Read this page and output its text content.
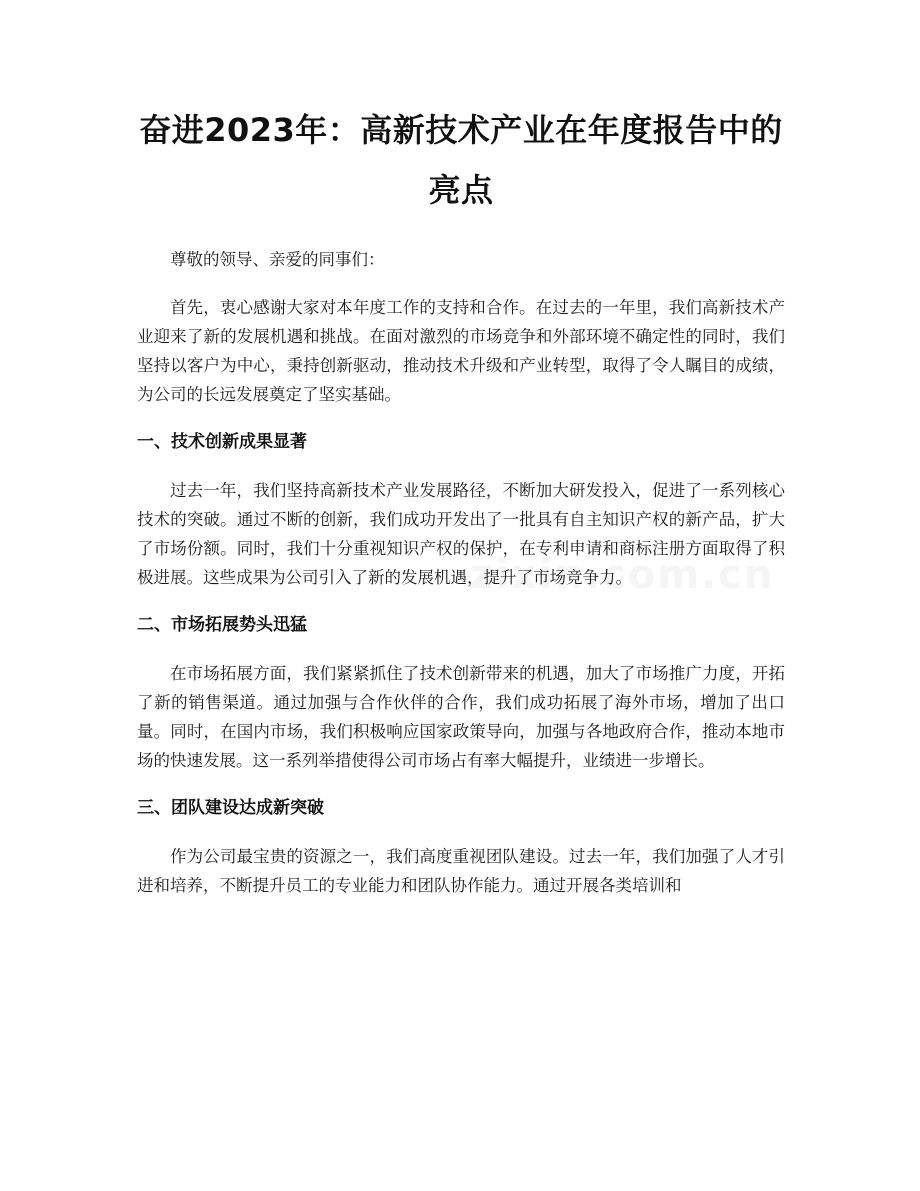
奋进2023年：高新技术产业在年度报告中的亮点

尊敬的领导、亲爱的同事们：

首先，衷心感谢大家对本年度工作的支持和合作。在过去的一年里，我们高新技术产业迎来了新的发展机遇和挑战。在面对激烈的市场竞争和外部环境不确定性的同时，我们坚持以客户为中心，秉持创新驱动，推动技术升级和产业转型，取得了令人瞩目的成绩，为公司的长远发展奠定了坚实基础。

一、技术创新成果显著

过去一年，我们坚持高新技术产业发展路径，不断加大研发投入，促进了一系列核心技术的突破。通过不断的创新，我们成功开发出了一批具有自主知识产权的新产品，扩大了市场份额。同时，我们十分重视知识产权的保护，在专利申请和商标注册方面取得了积极进展。这些成果为公司引入了新的发展机遇，提升了市场竞争力。

二、市场拓展势头迅猛

在市场拓展方面，我们紧紧抓住了技术创新带来的机遇，加大了市场推广力度，开拓了新的销售渠道。通过加强与合作伙伴的合作，我们成功拓展了海外市场，增加了出口量。同时，在国内市场，我们积极响应国家政策导向，加强与各地政府合作，推动本地市场的快速发展。这一系列举措使得公司市场占有率大幅提升，业绩进一步增长。

三、团队建设达成新突破

作为公司最宝贵的资源之一，我们高度重视团队建设。过去一年，我们加强了人才引进和培养，不断提升员工的专业能力和团队协作能力。通过开展各类培训和
